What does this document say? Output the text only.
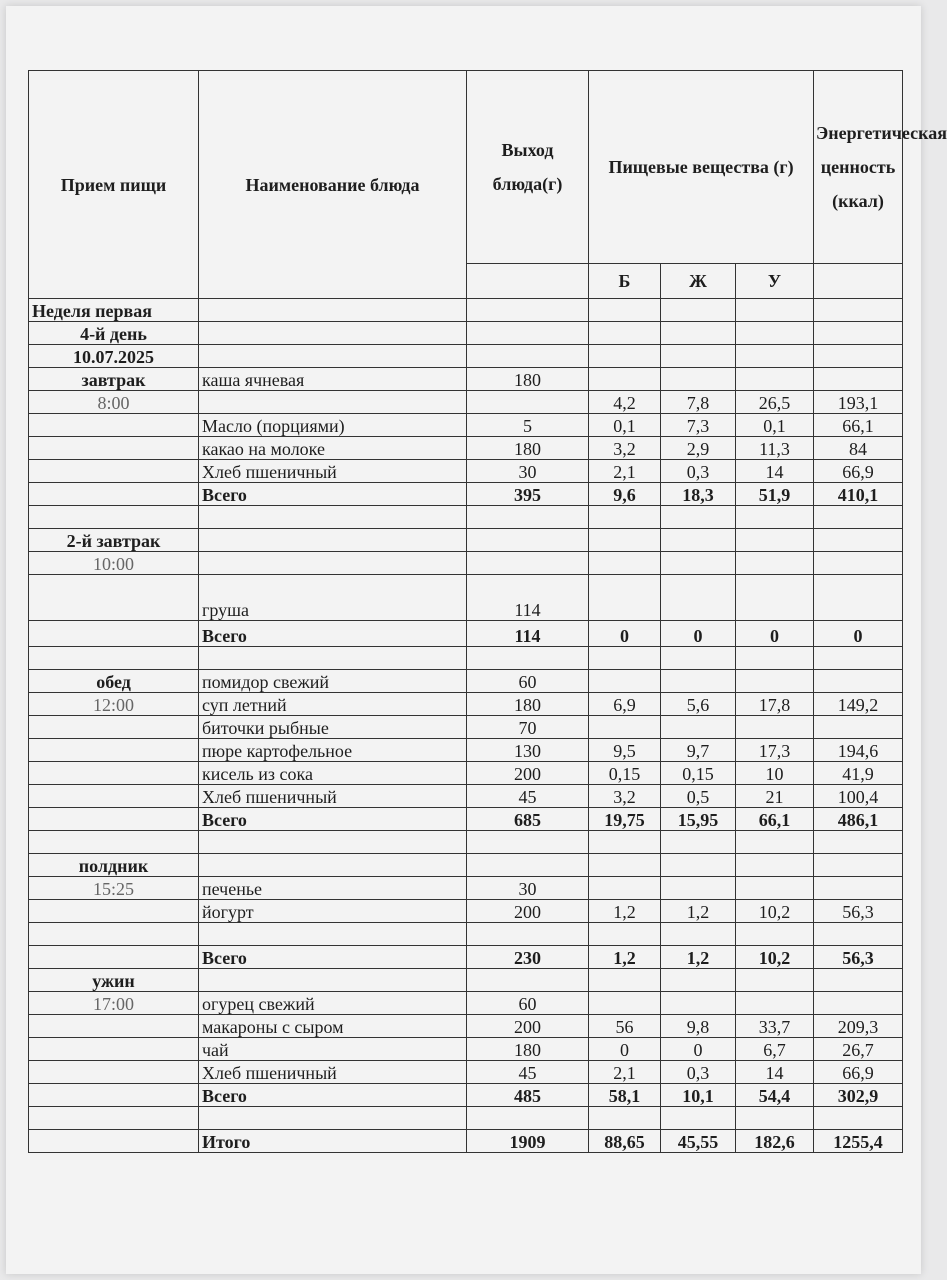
Прием пищи	Наименование блюда	Выход блюда(г)	Пищевые вещества (г)			Энергетическая ценность (ккал)
			Б	Ж	У	
Неделя первая						
4-й день						
10.07.2025						
завтрак	каша ячневая	180				
8:00			4,2	7,8	26,5	193,1
	Масло (порциями)	5	0,1	7,3	0,1	66,1
	какао на молоке	180	3,2	2,9	11,3	84
	Хлеб пшеничный	30	2,1	0,3	14	66,9
	Всего	395	9,6	18,3	51,9	410,1

2-й завтрак						
10:00						
	груша	114				
	Всего	114	0	0	0	0

обед	помидор свежий	60				
12:00	суп летний	180	6,9	5,6	17,8	149,2
	биточки рыбные	70				
	пюре картофельное	130	9,5	9,7	17,3	194,6
	кисель из сока	200	0,15	0,15	10	41,9
	Хлеб пшеничный	45	3,2	0,5	21	100,4
	Всего	685	19,75	15,95	66,1	486,1

полдник						
15:25	печенье	30				
	йогурт	200	1,2	1,2	10,2	56,3

	Всего	230	1,2	1,2	10,2	56,3
ужин						
17:00	огурец свежий	60				
	макароны с сыром	200	56	9,8	33,7	209,3
	чай	180	0	0	6,7	26,7
	Хлеб пшеничный	45	2,1	0,3	14	66,9
	Всего	485	58,1	10,1	54,4	302,9

	Итого	1909	88,65	45,55	182,6	1255,4
